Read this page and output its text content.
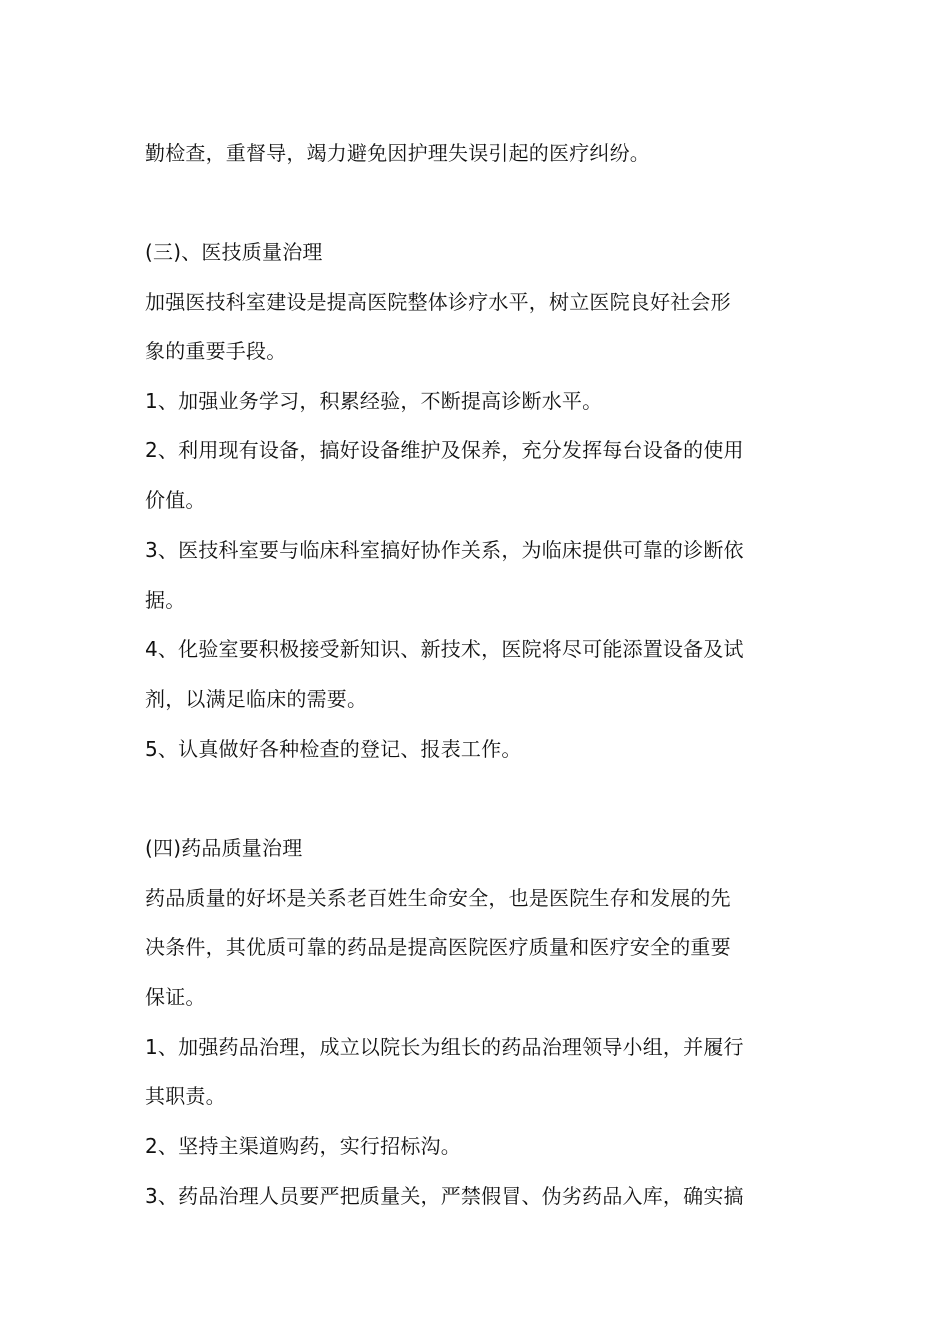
勤检查，重督导，竭力避免因护理失误引起的医疗纠纷。
(三)、医技质量治理
加强医技科室建设是提高医院整体诊疗水平，树立医院良好社会形
象的重要手段。
1、加强业务学习，积累经验，不断提高诊断水平。
2、利用现有设备，搞好设备维护及保养，充分发挥每台设备的使用
价值。
3、医技科室要与临床科室搞好协作关系，为临床提供可靠的诊断依
据。
4、化验室要积极接受新知识、新技术，医院将尽可能添置设备及试
剂，以满足临床的需要。
5、认真做好各种检查的登记、报表工作。
(四)药品质量治理
药品质量的好坏是关系老百姓生命安全，也是医院生存和发展的先
决条件，其优质可靠的药品是提高医院医疗质量和医疗安全的重要
保证。
1、加强药品治理，成立以院长为组长的药品治理领导小组，并履行
其职责。
2、坚持主渠道购药，实行招标沟。
3、药品治理人员要严把质量关，严禁假冒、伪劣药品入库，确实搞
